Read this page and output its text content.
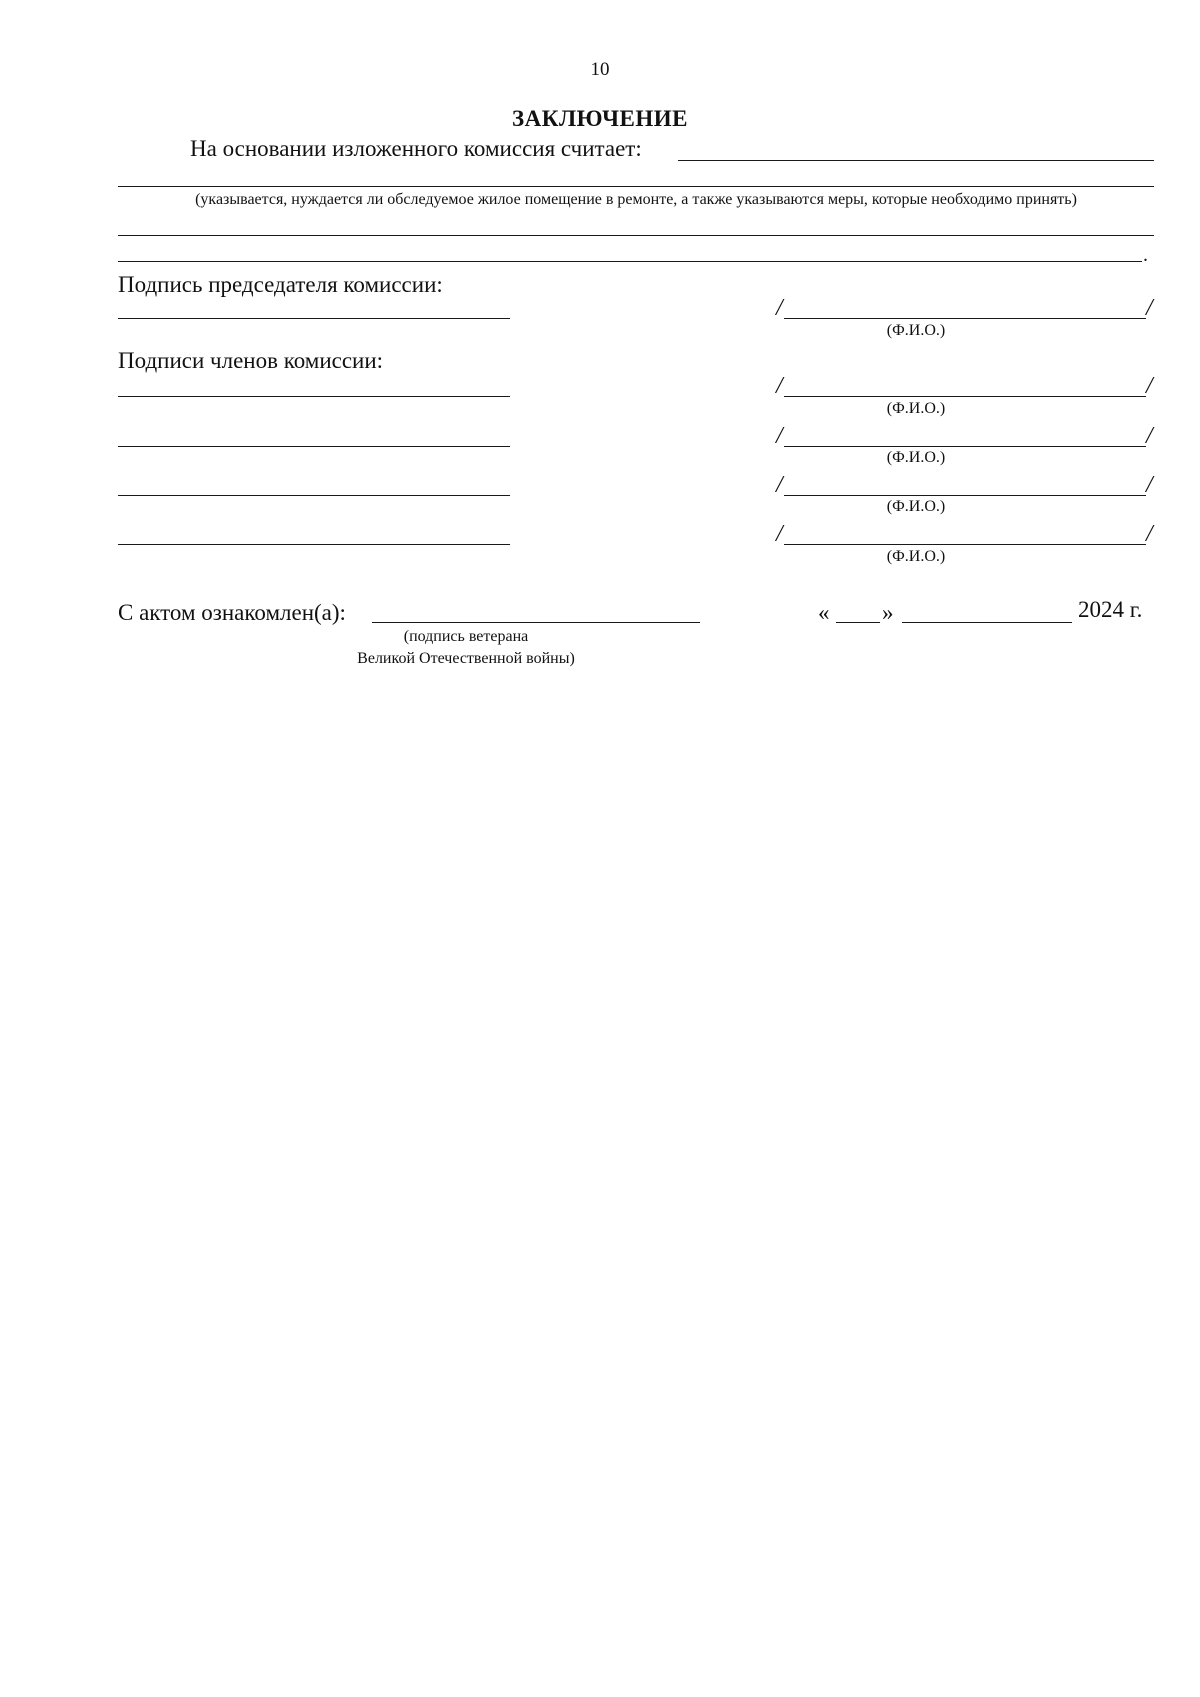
10
ЗАКЛЮЧЕНИЕ
На основании изложенного комиссия считает:
(указывается, нуждается ли обследуемое жилое помещение в ремонте, а также указываются меры, которые необходимо принять)
.
Подпись председателя комиссии:
/	/
(Ф.И.О.)
Подписи членов комиссии:
/	/
(Ф.И.О.)
/	/
(Ф.И.О.)
/	/
(Ф.И.О.)
/	/
(Ф.И.О.)
С актом ознакомлен(а):
(подпись ветерана
Великой Отечественной войны)
« »	2024 г.
